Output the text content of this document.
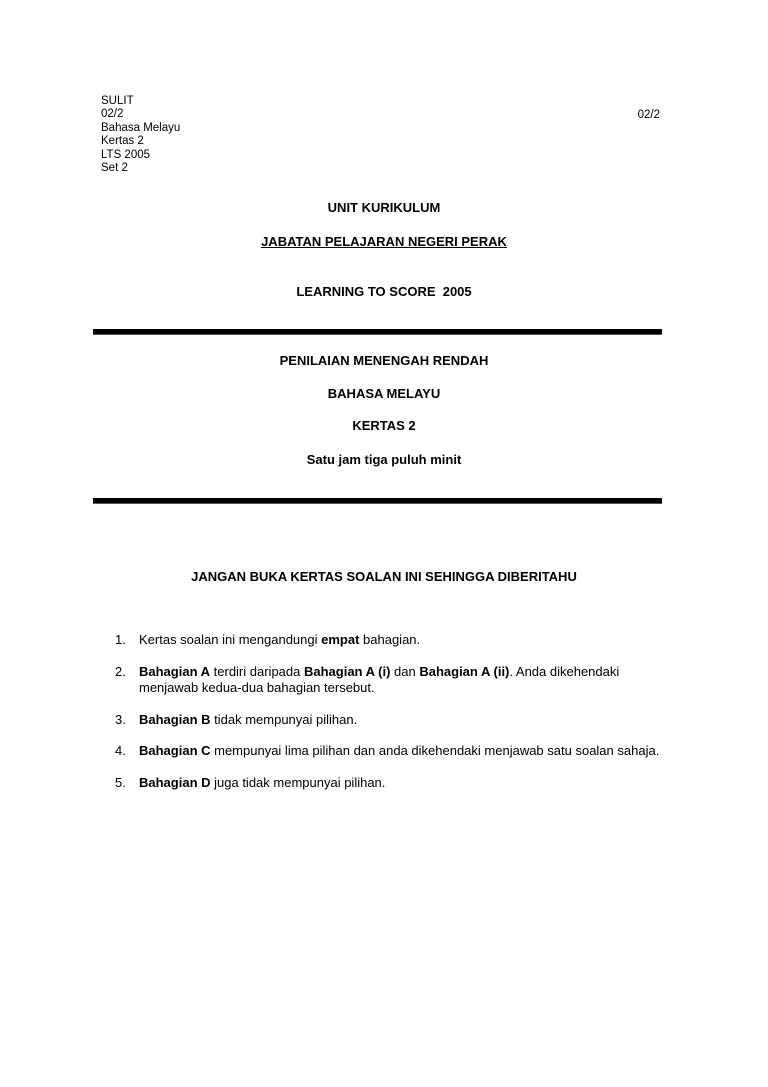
SULIT
02/2
Bahasa Melayu
Kertas 2
LTS 2005
Set 2
02/2
UNIT KURIKULUM
JABATAN PELAJARAN NEGERI PERAK
LEARNING TO SCORE  2005
PENILAIAN MENENGAH RENDAH
BAHASA MELAYU
KERTAS 2
Satu jam tiga puluh minit
JANGAN BUKA KERTAS SOALAN INI SEHINGGA DIBERITAHU
1. Kertas soalan ini mengandungi empat bahagian.
2. Bahagian A terdiri daripada Bahagian A (i) dan Bahagian A (ii). Anda dikehendaki menjawab kedua-dua bahagian tersebut.
3. Bahagian B tidak mempunyai pilihan.
4. Bahagian C mempunyai lima pilihan dan anda dikehendaki menjawab satu soalan sahaja.
5. Bahagian D juga tidak mempunyai pilihan.
